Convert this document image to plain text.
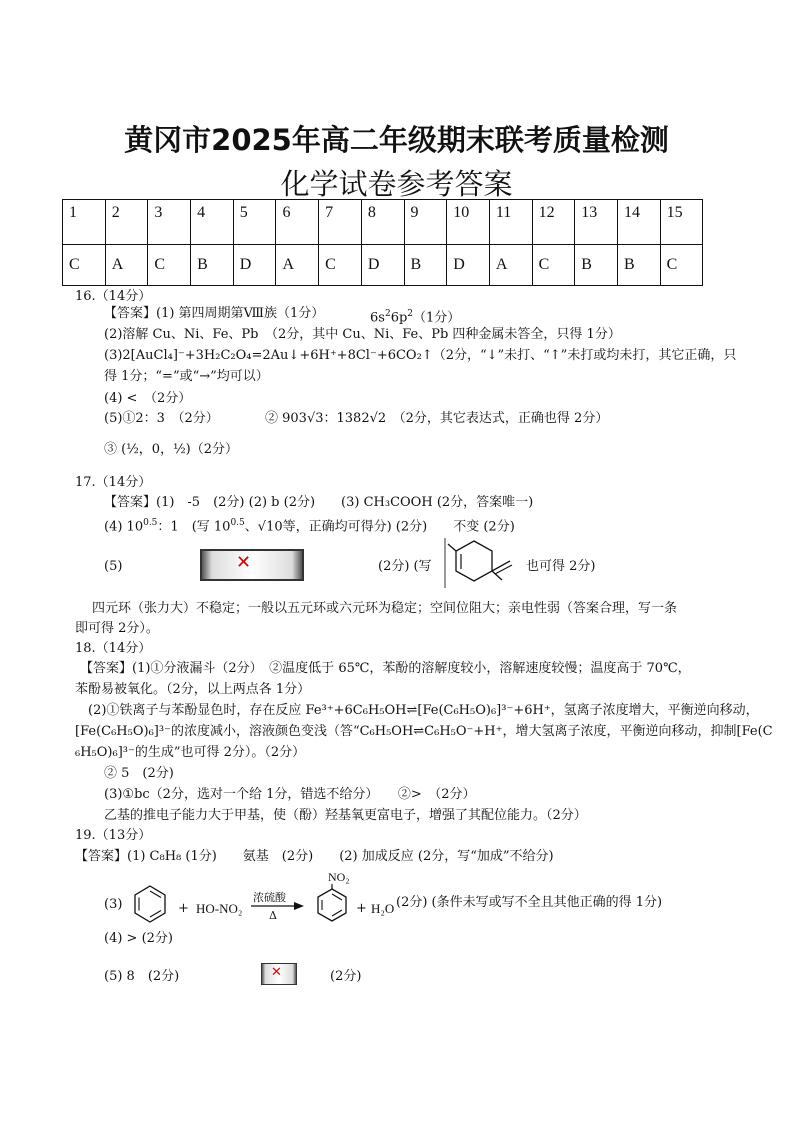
黄冈市2025年高二年级期末联考质量检测
化学试卷参考答案
1	2	3	4	5	6	7	8	9	10	11	12	13	14	15
C	A	C	B	D	A	C	D	B	D	A	C	B	B	C
16.（14分）
【答案】(1) 第四周期第Ⅷ族（1分）	$6s^26p^2(1$分）
(2)溶解 Cu、Ni、Fe、Pb　（2分，其中 Cu、Ni、Fe、Pb 四种金属未答全，只得 1分）
(3)2[AuCl₄]⁻+3H₂C₂O₄=2Au↓+6H⁺+8Cl⁻+6CO₂↑（2分，“↓”未打、“↑”未打或均未打，其它正确，只
得 1分；“=”或“→”均可以）
(4) <　（2分）
(5)①2：3　（2分）	② 903√3：1382√2　（2分，其它表达式，正确也得 2分）
③ (½，0，½)（2分）
17.（14分）
【答案】(1)　-5　(2分) (2) b (2分)　　(3) CH₃COOH (2分，答案唯一)
(4) $10^{0.5}$：1　(写 $10^{0.5}$、√10等，正确均可得分) (2分)　　不变 (2分)
(5)	✕	(2分) (写	也可得 2分)
四元环（张力大）不稳定；一般以五元环或六元环为稳定；空间位阻大；亲电性弱（答案合理，写一条
即可得 2分）。
18.（14分）
【答案】(1)①分液漏斗（2分）　②温度低于 65℃，苯酚的溶解度较小，溶解速度较慢；温度高于 70℃，
苯酚易被氧化。（2分，以上两点各 1分）
(2)①铁离子与苯酚显色时，存在反应 Fe³⁺+6C₆H₅OH⇌[Fe(C₆H₅O)₆]³⁻+6H⁺，氢离子浓度增大，平衡逆向移动，
[Fe(C₆H₅O)₆]³⁻的浓度减小，溶液颜色变浅（答“C₆H₅OH⇌C₆H₅O⁻+H⁺，增大氢离子浓度，平衡逆向移动，抑制[Fe(C
₆H₅O)₆]³⁻的生成”也可得 2分）。（2分）
② 5　(2分)
(3)①bc（2分，选对一个给 1分，错选不给分）　　②>　（2分）
乙基的推电子能力大于甲基，使（酚）羟基氧更富电子，增强了其配位能力。（2分）
19.（13分）
【答案】(1) C₈H₈ (1分)　　氨基　(2分)　　(2) 加成反应 (2分，写“加成”不给分)
(3)	+ HO-NO₂
浓硫酸
Δ
NO₂
+ H₂O (2分) (条件未写或写不全且其他正确的得 1分)
(4) > (2分)
(5) 8　(2分)	✕	(2分)
